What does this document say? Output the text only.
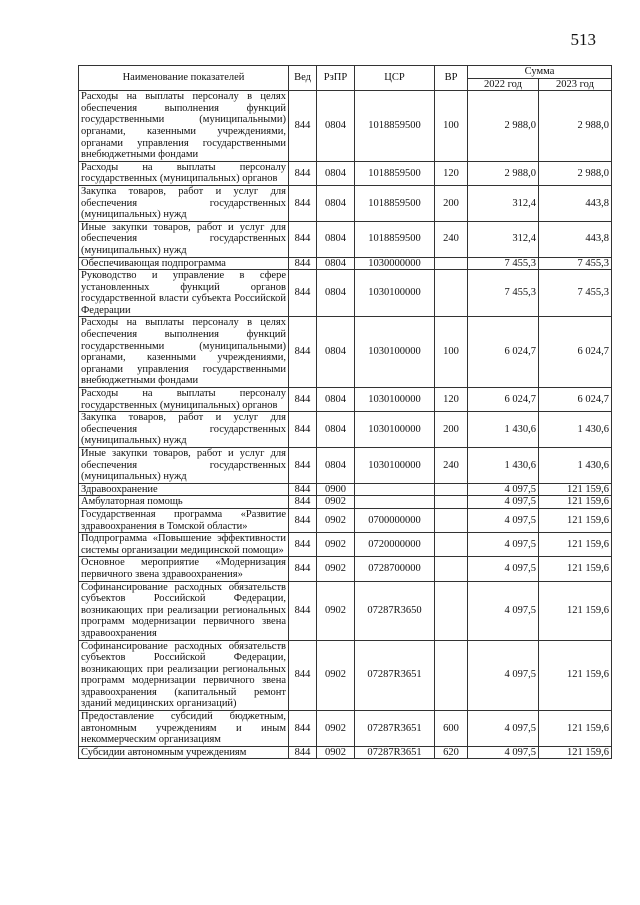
513
Наименование показателей	Вед	РзПР	ЦСР	ВР	Сумма	
					2022 год	2023 год
Расходы на выплаты персоналу в целях обеспечения выполнения функций государственными (муниципальными) органами, казенными учреждениями, органами управления государственными внебюджетными фондами	844	0804	1018859500	100	2 988,0	2 988,0
Расходы на выплаты персоналу государственных (муниципальных) органов	844	0804	1018859500	120	2 988,0	2 988,0
Закупка товаров, работ и услуг для обеспечения государственных (муниципальных) нужд	844	0804	1018859500	200	312,4	443,8
Иные закупки товаров, работ и услуг для обеспечения государственных (муниципальных) нужд	844	0804	1018859500	240	312,4	443,8
Обеспечивающая подпрограмма	844	0804	1030000000		7 455,3	7 455,3
Руководство и управление в сфере установленных функций органов государственной власти субъекта Российской Федерации	844	0804	1030100000		7 455,3	7 455,3
Расходы на выплаты персоналу в целях обеспечения выполнения функций государственными (муниципальными) органами, казенными учреждениями, органами управления государственными внебюджетными фондами	844	0804	1030100000	100	6 024,7	6 024,7
Расходы на выплаты персоналу государственных (муниципальных) органов	844	0804	1030100000	120	6 024,7	6 024,7
Закупка товаров, работ и услуг для обеспечения государственных (муниципальных) нужд	844	0804	1030100000	200	1 430,6	1 430,6
Иные закупки товаров, работ и услуг для обеспечения государственных (муниципальных) нужд	844	0804	1030100000	240	1 430,6	1 430,6
Здравоохранение	844	0900			4 097,5	121 159,6
Амбулаторная помощь	844	0902			4 097,5	121 159,6
Государственная программа «Развитие здравоохранения в Томской области»	844	0902	0700000000		4 097,5	121 159,6
Подпрограмма «Повышение эффективности системы организации медицинской помощи»	844	0902	0720000000		4 097,5	121 159,6
Основное мероприятие «Модернизация первичного звена здравоохранения»	844	0902	0728700000		4 097,5	121 159,6
Софинансирование расходных обязательств субъектов Российской Федерации, возникающих при реализации региональных программ модернизации первичного звена здравоохранения	844	0902	07287R3650		4 097,5	121 159,6
Софинансирование расходных обязательств субъектов Российской Федерации, возникающих при реализации региональных программ модернизации первичного звена здравоохранения (капитальный ремонт зданий медицинских организаций)	844	0902	07287R3651		4 097,5	121 159,6
Предоставление субсидий бюджетным, автономным учреждениям и иным некоммерческим организациям	844	0902	07287R3651	600	4 097,5	121 159,6
Субсидии автономным учреждениям	844	0902	07287R3651	620	4 097,5	121 159,6
